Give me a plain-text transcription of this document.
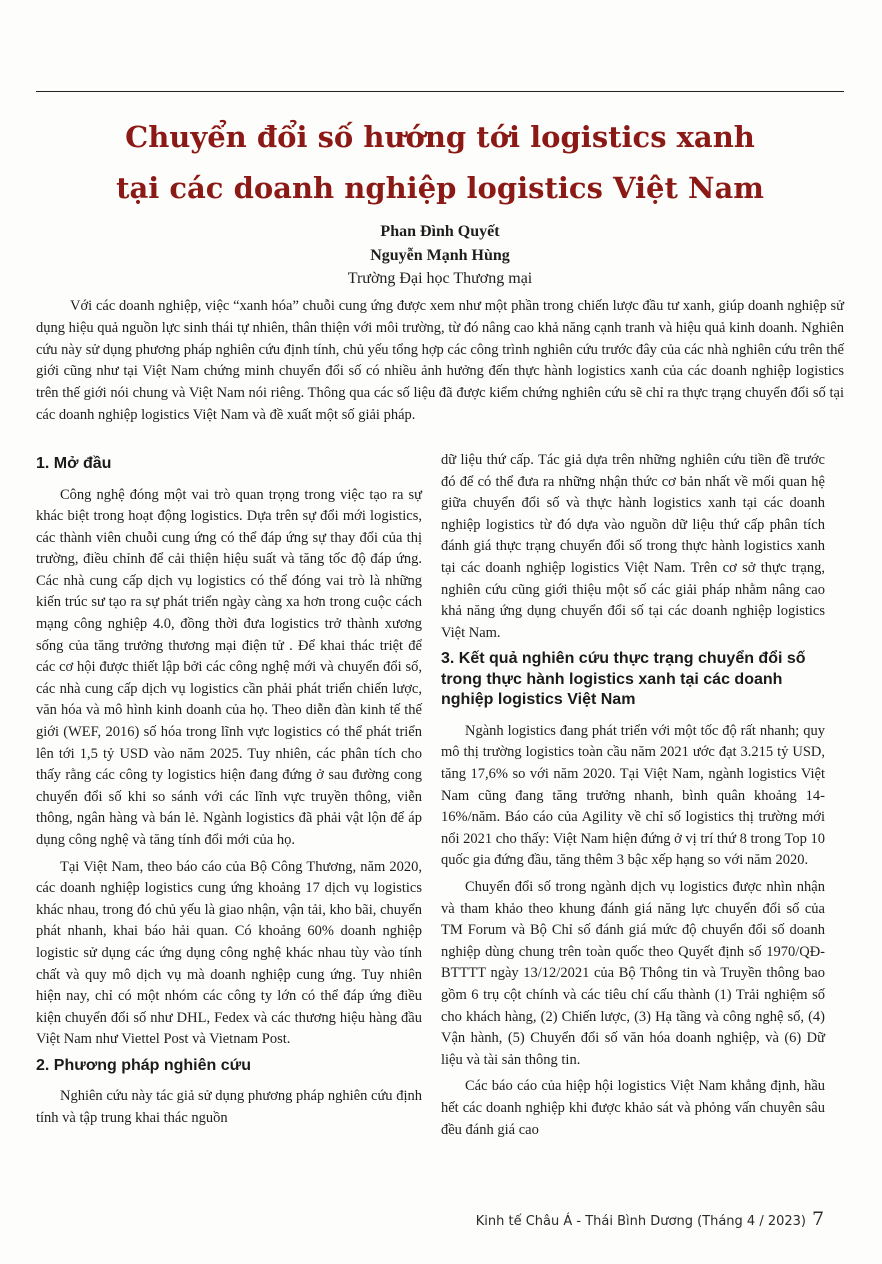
Chuyển đổi số hướng tới logistics xanh
tại các doanh nghiệp logistics Việt Nam
Phan Đình Quyết
Nguyễn Mạnh Hùng
Trường Đại học Thương mại

Với các doanh nghiệp, việc “xanh hóa” chuỗi cung ứng được xem như một phần trong chiến lược đầu tư xanh, giúp doanh nghiệp sử dụng hiệu quả nguồn lực sinh thái tự nhiên, thân thiện với môi trường, từ đó nâng cao khả năng cạnh tranh và hiệu quả kinh doanh. Nghiên cứu này sử dụng phương pháp nghiên cứu định tính, chủ yếu tổng hợp các công trình nghiên cứu trước đây của các nhà nghiên cứu trên thế giới cũng như tại Việt Nam chứng minh chuyển đổi số có nhiều ảnh hưởng đến thực hành logistics xanh của các doanh nghiệp logistics trên thế giới nói chung và Việt Nam nói riêng. Thông qua các số liệu đã được kiểm chứng nghiên cứu sẽ chỉ ra thực trạng chuyển đổi số tại các doanh nghiệp logistics Việt Nam và đề xuất một số giải pháp.

1. Mở đầu

Công nghệ đóng một vai trò quan trọng trong việc tạo ra sự khác biệt trong hoạt động logistics. Dựa trên sự đổi mới logistics, các thành viên chuỗi cung ứng có thể đáp ứng sự thay đổi của thị trường, điều chỉnh để cải thiện hiệu suất và tăng tốc độ đáp ứng. Các nhà cung cấp dịch vụ logistics có thể đóng vai trò là những kiến trúc sư tạo ra sự phát triển ngày càng xa hơn trong cuộc cách mạng công nghiệp 4.0, đồng thời đưa logistics trở thành xương sống của tăng trưởng thương mại điện tử . Để khai thác triệt để các cơ hội được thiết lập bởi các công nghệ mới và chuyển đổi số, các nhà cung cấp dịch vụ logistics cần phải phát triển chiến lược, văn hóa và mô hình kinh doanh của họ. Theo diễn đàn kinh tế thế giới (WEF, 2016) số hóa trong lĩnh vực logistics có thể phát triển lên tới 1,5 tỷ USD vào năm 2025. Tuy nhiên, các phân tích cho thấy rằng các công ty logistics hiện đang đứng ở sau đường cong chuyển đổi số khi so sánh với các lĩnh vực truyền thông, viễn thông, ngân hàng và bán lẻ. Ngành logistics đã phải vật lộn để áp dụng công nghệ và tăng tính đổi mới của họ.

Tại Việt Nam, theo báo cáo của Bộ Công Thương, năm 2020, các doanh nghiệp logistics cung ứng khoảng 17 dịch vụ logistics khác nhau, trong đó chủ yếu là giao nhận, vận tải, kho bãi, chuyển phát nhanh, khai báo hải quan. Có khoảng 60% doanh nghiệp logistic sử dụng các ứng dụng công nghệ khác nhau tùy vào tính chất và quy mô dịch vụ mà doanh nghiệp cung ứng. Tuy nhiên hiện nay, chỉ có một nhóm các công ty lớn có thể đáp ứng điều kiện chuyển đổi số như DHL, Fedex và các thương hiệu hàng đầu Việt Nam như Viettel Post và Vietnam Post.

2. Phương pháp nghiên cứu

Nghiên cứu này tác giả sử dụng phương pháp nghiên cứu định tính và tập trung khai thác nguồn

dữ liệu thứ cấp. Tác giả dựa trên những nghiên cứu tiền đề trước đó để có thể đưa ra những nhận thức cơ bản nhất về mối quan hệ giữa chuyển đổi số và thực hành logistics xanh tại các doanh nghiệp logistics từ đó dựa vào nguồn dữ liệu thứ cấp phân tích đánh giá thực trạng chuyển đổi số trong thực hành logistics xanh tại các doanh nghiệp logistics Việt Nam. Trên cơ sở thực trạng, nghiên cứu cũng giới thiệu một số các giải pháp nhằm nâng cao khả năng ứng dụng chuyển đổi số tại các doanh nghiệp logistics Việt Nam.

3. Kết quả nghiên cứu thực trạng chuyển đổi số trong thực hành logistics xanh tại các doanh nghiệp logistics Việt Nam

Ngành logistics đang phát triển với một tốc độ rất nhanh; quy mô thị trường logistics toàn cầu năm 2021 ước đạt 3.215 tỷ USD, tăng 17,6% so với năm 2020. Tại Việt Nam, ngành logistics Việt Nam cũng đang tăng trưởng nhanh, bình quân khoảng 14-16%/năm. Báo cáo của Agility về chỉ số logistics thị trường mới nổi 2021 cho thấy: Việt Nam hiện đứng ở vị trí thứ 8 trong Top 10 quốc gia đứng đầu, tăng thêm 3 bậc xếp hạng so với năm 2020.

Chuyển đổi số trong ngành dịch vụ logistics được nhìn nhận và tham khảo theo khung đánh giá năng lực chuyển đổi số của TM Forum và Bộ Chỉ số đánh giá mức độ chuyển đổi số doanh nghiệp dùng chung trên toàn quốc theo Quyết định số 1970/QĐ-BTTTT ngày 13/12/2021 của Bộ Thông tin và Truyền thông bao gồm 6 trụ cột chính và các tiêu chí cấu thành (1) Trải nghiệm số cho khách hàng, (2) Chiến lược, (3) Hạ tầng và công nghệ số, (4) Vận hành, (5) Chuyển đổi số văn hóa doanh nghiệp, và (6) Dữ liệu và tài sản thông tin.

Các báo cáo của hiệp hội logistics Việt Nam khẳng định, hầu hết các doanh nghiệp khi được khảo sát và phỏng vấn chuyên sâu đều đánh giá cao

Kinh tế Châu Á - Thái Bình Dương (Tháng 4 / 2023) 7
